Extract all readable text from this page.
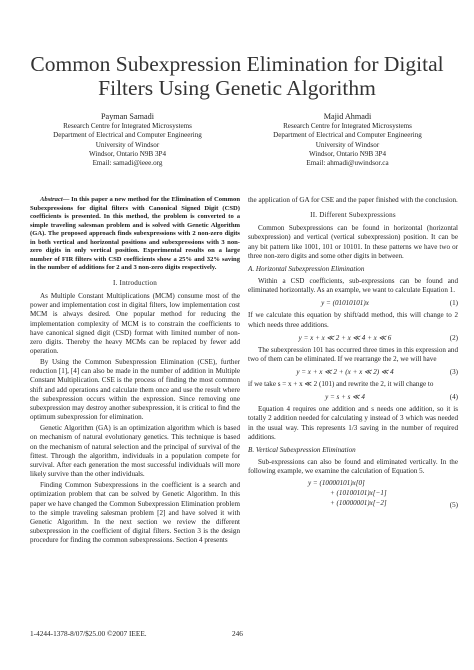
Common Subexpression Elimination for Digital Filters Using Genetic Algorithm
Payman Samadi
Research Centre for Integrated Microsystems
Department of Electrical and Computer Engineering
University of Windsor
Windsor, Ontario N9B 3P4
Email: samadi@ieee.org
Majid Ahmadi
Research Centre for Integrated Microsystems
Department of Electrical and Computer Engineering
University of Windsor
Windsor, Ontario N9B 3P4
Email: ahmadi@uwindsor.ca

Abstract— In this paper a new method for the Elimination of Common Subexpressions for digital filters with Canonical Signed Digit (CSD) coefficients is presented. In this method, the problem is converted to a simple traveling salesman problem and is solved with Genetic Algorithm (GA). The proposed approach finds subexpressions with 2 non-zero digits in both vertical and horizontal positions and subexpressions with 3 non-zero digits in only vertical position. Experimental results on a large number of FIR filters with CSD coefficients show a 25% and 32% saving in the number of additions for 2 and 3 non-zero digits respectively.

I. Introduction

As Multiple Constant Multiplications (MCM) consume most of the power and implementation cost in digital filters, low implementation cost MCM is always desired. One popular method for reducing the implementation complexity of MCM is to constrain the coefficients to have canonical signed digit (CSD) format with limited number of non-zero digits. Thereby the heavy MCMs can be replaced by fewer add operation.

By Using the Common Subexpression Elimination (CSE), further reduction [1], [4] can also be made in the number of addition in Multiple Constant Multiplication. CSE is the process of finding the most common shift and add operations and calculate them once and use the result where the subexpression occurs within the expression. Since removing one subexpression may destroy another subexpression, it is critical to find the optimum subexpression for elimination.

Genetic Algorithm (GA) is an optimization algorithm which is based on mechanism of natural evolutionary genetics. This technique is based on the mechanism of natural selection and the principal of survival of the fittest. Through the algorithm, individuals in a population compete for survival. After each generation the most successful individuals will more likely survive than the other individuals.

Finding Common Subexpressions in the coefficient is a search and optimization problem that can be solved by Genetic Algorithm. In this paper we have changed the Common Subexpression Elimination problem to the simple traveling salesman problem [2] and have solved it with Genetic Algorithm. In the next section we review the different subexpression in the coefficient of digital filters. Section 3 is the design procedure for finding the common subexpressions. Section 4 presents

the application of GA for CSE and the paper finished with the conclusion.

II. Different Subexpressions

Common Subexpressions can be found in horizontal (horizontal subexpression) and vertical (vertical subexpression) position. It can be any bit pattern like 1001, 101 or 10101. In these patterns we have two or three non-zero digits and some other digits in between.

A. Horizontal Subexpression Elimination

Within a CSD coefficients, sub-expressions can be found and eliminated horizontally. As an example, we want to calculate Equation 1.

y = (01010101)x	(1)

If we calculate this equation by shift/add method, this will change to 2 which needs three additions.

y = x + x ≪ 2 + x ≪ 4 + x ≪ 6	(2)

The subexpression 101 has occurred three times in this expression and two of them can be eliminated. If we rearrange the 2, we will have

y = x + x ≪ 2 + (x + x ≪ 2) ≪ 4	(3)

if we take s = x + x ≪ 2 (101) and rewrite the 2, it will change to

y = s + s ≪ 4	(4)

Equation 4 requires one addition and s needs one addition, so it is totally 2 addition needed for calculating y instead of 3 which was needed in the usual way. This represents 1/3 saving in the number of required additions.

B. Vertical Subexpression Elimination

Sub-expressions can also be found and eliminated vertically. In the following example, we examine the calculation of Equation 5.

y = (10000101)x[0]
+ (10100101)x[−1]
+ (10000001)x[−2]	(5)
1-4244-1378-8/07/$25.00 ©2007 IEEE.	246
